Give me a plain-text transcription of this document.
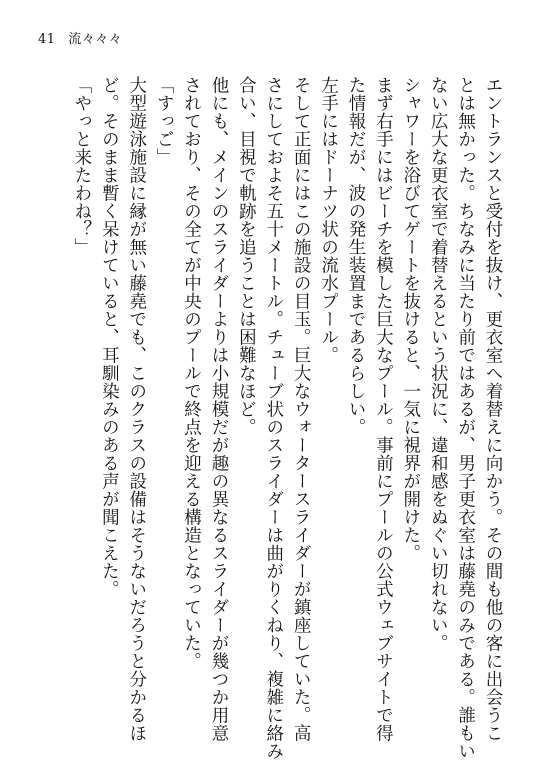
41 流々々々
エントランスと受付を抜け、更衣室へ着替えに向かう。その間も他の客に出会うこ
とは無かった。ちなみに当たり前ではあるが、男子更衣室は藤堯のみである。誰もい
ない広大な更衣室で着替えるという状況に、違和感をぬぐい切れない。
シャワーを浴びてゲートを抜けると、一気に視界が開けた。
まず右手にはビーチを模した巨大なプール。事前にプールの公式ウェブサイトで得
た情報だが、波の発生装置まであるらしい。
左手にはドーナツ状の流水プール。
そして正面にはこの施設の目玉。巨大なウォータースライダーが鎮座していた。高
さにしておよそ五十メートル。チューブ状のスライダーは曲がりくねり、複雑に絡み
合い、目視で軌跡を追うことは困難なほど。
他にも、メインのスライダーよりは小規模だが趣の異なるスライダーが幾つか用意
されており、その全てが中央のプールで終点を迎える構造となっていた。
「すっご」
大型遊泳施設に縁が無い藤堯でも、このクラスの設備はそうないだろうと分かるほ
ど。そのまま暫く呆けていると、耳馴染みのある声が聞こえた。
「やっと来たわね？」
